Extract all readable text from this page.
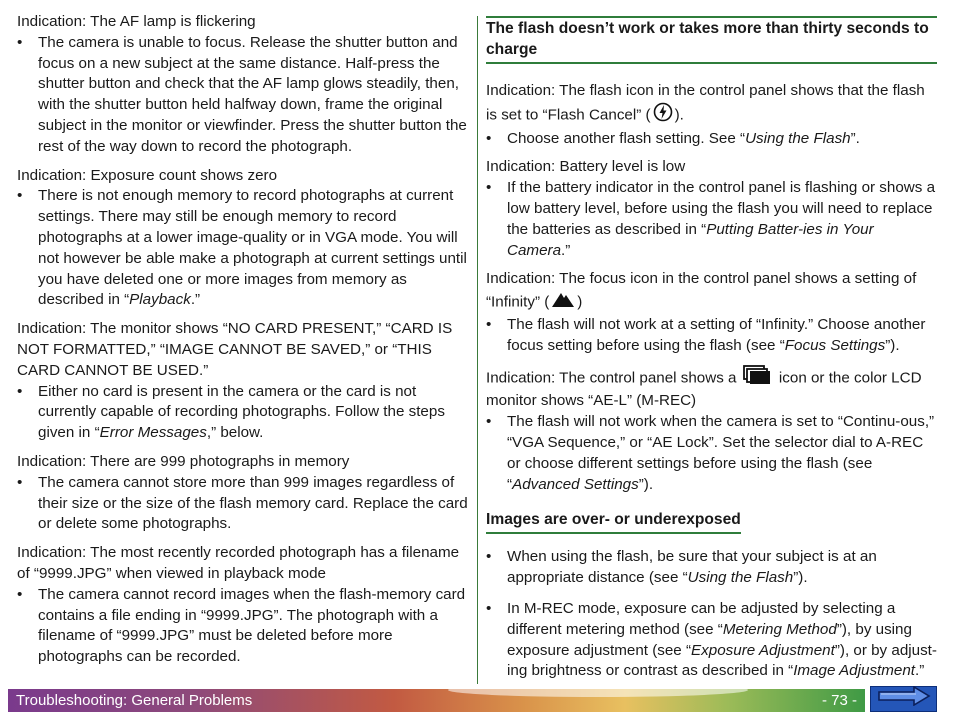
Indication: The AF lamp is flickering

• The camera is unable to focus. Release the shutter button and focus on a new subject at the same distance. Half-press the shutter button and check that the AF lamp glows steadily, then, with the shutter button held halfway down, frame the original subject in the monitor or viewfinder. Press the shutter button the rest of the way down to record the photograph.

Indication: Exposure count shows zero

• There is not enough memory to record photographs at current settings. There may still be enough memory to record photographs at a lower image-quality or in VGA mode. You will not however be able make a photograph at current settings until you have deleted one or more images from memory as described in “Playback.”

Indication: The monitor shows “NO CARD PRESENT,” “CARD IS NOT FORMATTED,” “IMAGE CANNOT BE SAVED,” or “THIS CARD CANNOT BE USED.”

• Either no card is present in the camera or the card is not currently capable of recording photographs. Follow the steps given in “Error Messages,” below.

Indication: There are 999 photographs in memory

• The camera cannot store more than 999 images regardless of their size or the size of the flash memory card. Replace the card or delete some photographs.

Indication: The most recently recorded photograph has a filename of “9999.JPG” when viewed in playback mode

• The camera cannot record images when the flash-memory card contains a file ending in “9999.JPG”. The photograph with a filename of “9999.JPG” must be deleted before more photographs can be recorded.
The flash doesn’t work or takes more than thirty seconds to charge

Indication: The flash icon in the control panel shows that the flash is set to “Flash Cancel” ( ).

• Choose another flash setting. See “Using the Flash”.

Indication: Battery level is low

• If the battery indicator in the control panel is flashing or shows a low battery level, before using the flash you will need to replace the batteries as described in “Putting Batter-ies in Your Camera.”

Indication: The focus icon in the control panel shows a setting of “Infinity” ( )

• The flash will not work at a setting of “Infinity.” Choose another focus setting before using the flash (see “Focus Settings”).

Indication: The control panel shows a  icon or the color LCD monitor shows “AE-L” (M-REC)

• The flash will not work when the camera is set to “Continu-ous,” “VGA Sequence,” or “AE Lock”. Set the selector dial to A-REC or choose different settings before using the flash (see “Advanced Settings”).
Images are over- or underexposed
• When using the flash, be sure that your subject is at an appropriate distance (see “Using the Flash”).
• In M-REC mode, exposure can be adjusted by selecting a different metering method (see “Metering Method”), by using exposure adjustment (see “Exposure Adjustment”), or by adjust-ing brightness or contrast as described in “Image Adjustment.”
Troubleshooting: General Problems	- 73 -
